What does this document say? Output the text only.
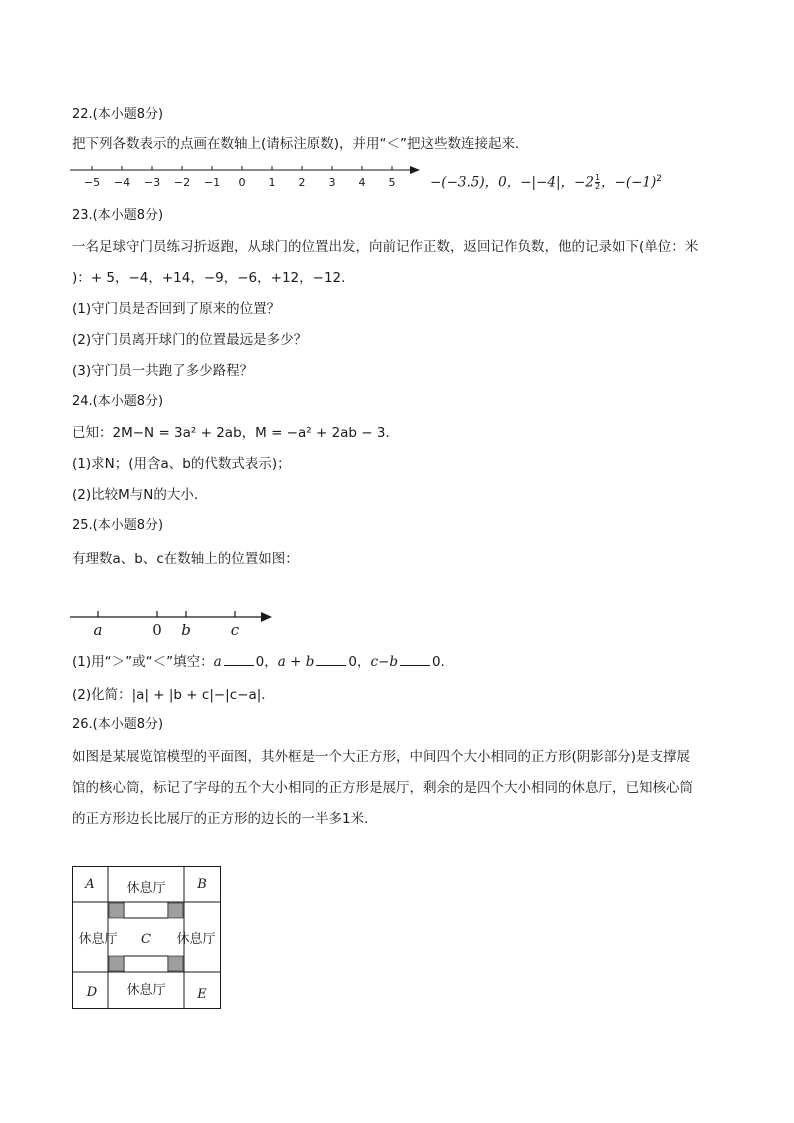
22.(本小题8分)
把下列各数表示的点画在数轴上(请标注原数)，并用“＜”把这些数连接起来．
−5 −4 −3 −2 −1 0 1 2 3 4 5	−(−3.5)，0，−|−4|，$-2 \frac{1}{2}$ ，$-(-1)^2$
23.(本小题8分)
一名足球守门员练习折返跑，从球门的位置出发，向前记作正数，返回记作负数，他的记录如下(单位：米
)：+ 5，−4，+14，−9，−6，+12，−12．
(1)守门员是否回到了原来的位置？
(2)守门员离开球门的位置最远是多少？
(3)守门员一共跑了多少路程？
24.(本小题8分)
已知：2M−N = 3a² + 2ab，M = −a² + 2ab − 3．
(1)求N；(用含a、b的代数式表示)；
(2)比较M与N的大小．
25.(本小题8分)
有理数a、b、c在数轴上的位置如图：
a	0 b	c
(1)用“＞”或“＜”填空：a	0，a + b	0，c−b	0.
(2)化简：|a| + |b + c|−|c−a|．
26.(本小题8分)
如图是某展览馆模型的平面图，其外框是一个大正方形，中间四个大小相同的正方形(阴影部分)是支撑展
馆的核心筒，标记了字母的五个大小相同的正方形是展厅，剩余的是四个大小相同的休息厅，已知核心筒
的正方形边长比展厅的正方形的边长的一半多1米．
A	B
C
D	E
休息厅
休息厅	休息厅
休息厅
